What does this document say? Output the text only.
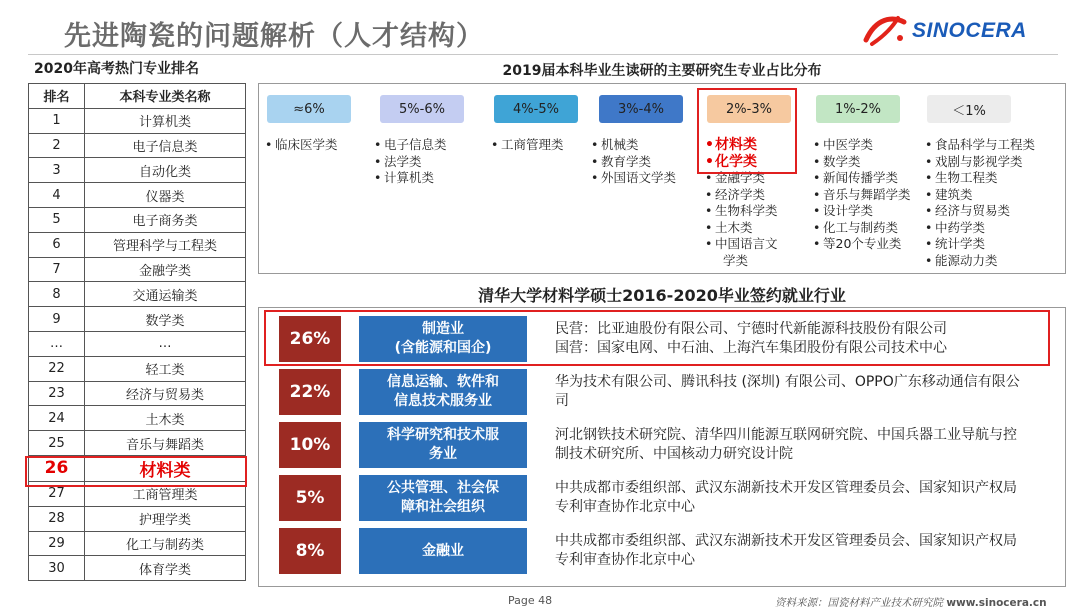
先进陶瓷的问题解析（人才结构）	SINOCERA
2020年高考热门专业排名
排名	本科专业类名称
1	计算机类
2	电子信息类
3	自动化类
4	仪器类
5	电子商务类
6	管理科学与工程类
7	金融学类
8	交通运输类
9	数学类
…	…
22	轻工类
23	经济与贸易类
24	土木类
25	音乐与舞蹈类
26	材料类
27	工商管理类
28	护理学类
29	化工与制药类
30	体育学类
2019届本科毕业生读研的主要研究生专业占比分布
≈6%
• 临床医学类
5%-6%
• 电子信息类
• 法学类
• 计算机类
4%-5%
• 工商管理类
3%-4%
• 机械类
• 教育学类
• 外国语文学类
2%-3%
• 材料类
• 化学类
• 金融学类
• 经济学类
• 生物科学类
• 土木类
• 中国语言文
学类
1%-2%
• 中医学类
• 数学类
• 新闻传播学类
• 音乐与舞蹈学类
• 设计学类
• 化工与制药类
• 等20个专业类
＜1%
• 食品科学与工程类
• 戏剧与影视学类
• 生物工程类
• 建筑类
• 经济与贸易类
• 中药学类
• 统计学类
• 能源动力类
清华大学材料学硕士2016-2020毕业签约就业行业
26%	制造业
(含能源和国企)
民营：比亚迪股份有限公司、宁德时代新能源科技股份有限公司
国营：国家电网、中石油、上海汽车集团股份有限公司技术中心
22%	信息运输、软件和
信息技术服务业
华为技术有限公司、腾讯科技 (深圳) 有限公司、OPPO广东移动通信有限公司
10%	科学研究和技术服
务业
河北钢铁技术研究院、清华四川能源互联网研究院、中国兵器工业导航与控制技术研究所、中国核动力研究设计院
5%	公共管理、社会保
障和社会组织
中共成都市委组织部、武汉东湖新技术开发区管理委员会、国家知识产权局专利审查协作北京中心
8%	金融业
中共成都市委组织部、武汉东湖新技术开发区管理委员会、国家知识产权局专利审查协作北京中心
Page 48	资料来源：国瓷材料产业技术研究院 www.sinocera.cn
